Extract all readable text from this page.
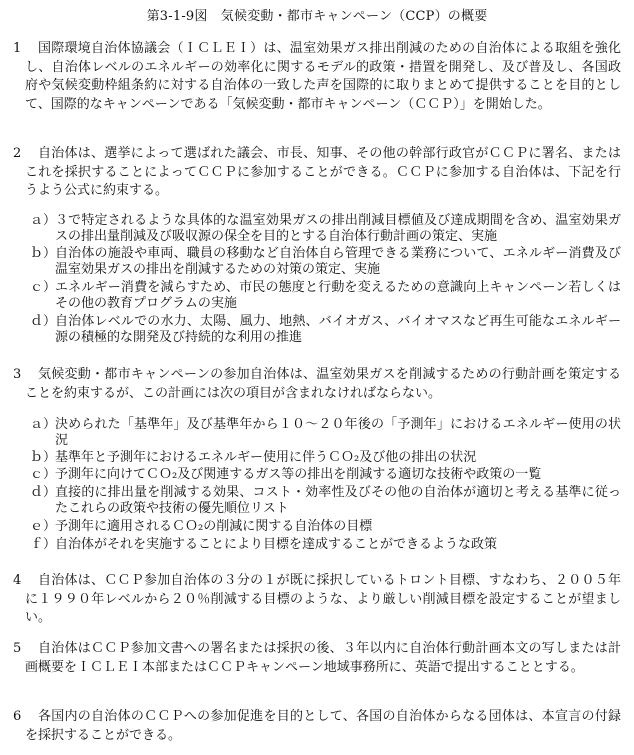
第3-1-9図　気候変動・都市キャンペーン（CCP）の概要
1	国際環境自治体協議会（ＩＣＬＥＩ）は、温室効果ガス排出削減のための自治体による取組を強化し、自治体レベルのエネルギーの効率化に関するモデル的政策・措置を開発し、及び普及し、各国政府や気候変動枠組条約に対する自治体の一致した声を国際的に取りまとめて提供することを目的として、国際的なキャンペーンである「気候変動・都市キャンペーン（ＣＣＰ）」を開始した。
2	自治体は、選挙によって選ばれた議会、市長、知事、その他の幹部行政官がＣＣＰに署名、またはこれを採択することによってＣＣＰに参加することができる。ＣＣＰに参加する自治体は、下記を行うよう公式に約束する。
ａ）
３で特定されるような具体的な温室効果ガスの排出削減目標値及び達成期間を含め、温室効果ガスの排出量削減及び吸収源の保全を目的とする自治体行動計画の策定、実施
ｂ）
自治体の施設や車両、職員の移動など自治体自ら管理できる業務について、エネルギー消費及び温室効果ガスの排出を削減するための対策の策定、実施
ｃ）
エネルギー消費を減らすため、市民の態度と行動を変えるための意識向上キャンペーン若しくはその他の教育プログラムの実施
ｄ）
自治体レベルでの水力、太陽、風力、地熱、バイオガス、バイオマスなど再生可能なエネルギー源の積極的な開発及び持続的な利用の推進
3	気候変動・都市キャンペーンの参加自治体は、温室効果ガスを削減するための行動計画を策定することを約束するが、この計画には次の項目が含まれなければならない。
ａ）
決められた「基準年」及び基準年から１０～２０年後の「予測年」におけるエネルギー使用の状況
ｂ）
基準年と予測年におけるエネルギー使用に伴うＣＯ₂及び他の排出の状況
ｃ）
予測年に向けてＣＯ₂及び関連するガス等の排出を削減する適切な技術や政策の一覧
ｄ）
直接的に排出量を削減する効果、コスト・効率性及びその他の自治体が適切と考える基準に従ったこれらの政策や技術の優先順位リスト
ｅ）
予測年に適用されるＣＯ₂の削減に関する自治体の目標
ｆ）
自治体がそれを実施することにより目標を達成することができるような政策
4	自治体は、ＣＣＰ参加自治体の３分の１が既に採択しているトロント目標、すなわち、２００５年に１９９０年レベルから２０％削減する目標のような、より厳しい削減目標を設定することが望ましい。
5	自治体はＣＣＰ参加文書への署名または採択の後、３年以内に自治体行動計画本文の写しまたは計画概要をＩＣＬＥＩ本部またはＣＣＰキャンペーン地域事務所に、英語で提出することとする。
6	各国内の自治体のＣＣＰへの参加促進を目的として、各国の自治体からなる団体は、本宣言の付録を採択することができる。
